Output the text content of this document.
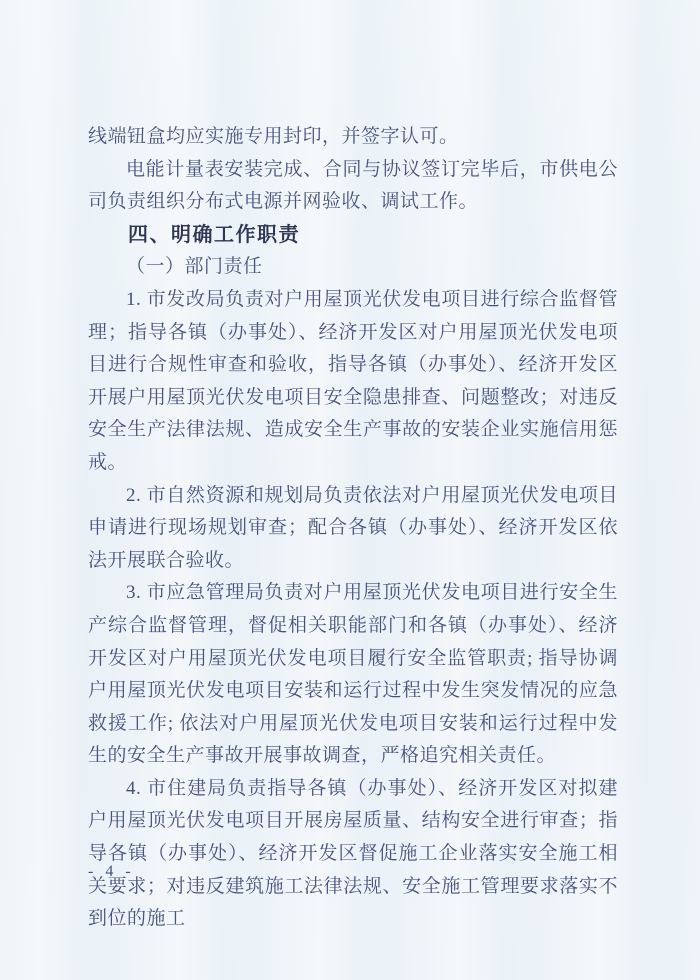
线端钮盒均应实施专用封印，并签字认可。

电能计量表安装完成、合同与协议签订完毕后，市供电公司负责组织分布式电源并网验收、调试工作。

四、明确工作职责

（一）部门责任

1. 市发改局负责对户用屋顶光伏发电项目进行综合监督管理；指导各镇（办事处）、经济开发区对户用屋顶光伏发电项目进行合规性审查和验收，指导各镇（办事处）、经济开发区开展户用屋顶光伏发电项目安全隐患排查、问题整改；对违反安全生产法律法规、造成安全生产事故的安装企业实施信用惩戒。

2. 市自然资源和规划局负责依法对户用屋顶光伏发电项目申请进行现场规划审查；配合各镇（办事处）、经济开发区依法开展联合验收。

3. 市应急管理局负责对户用屋顶光伏发电项目进行安全生产综合监督管理，督促相关职能部门和各镇（办事处）、经济开发区对户用屋顶光伏发电项目履行安全监管职责; 指导协调户用屋顶光伏发电项目安装和运行过程中发生突发情况的应急救援工作; 依法对户用屋顶光伏发电项目安装和运行过程中发生的安全生产事故开展事故调查，严格追究相关责任。

4. 市住建局负责指导各镇（办事处）、经济开发区对拟建户用屋顶光伏发电项目开展房屋质量、结构安全进行审查；指导各镇（办事处）、经济开发区督促施工企业落实安全施工相关要求；对违反建筑施工法律法规、安全施工管理要求落实不到位的施工

- 4 -
